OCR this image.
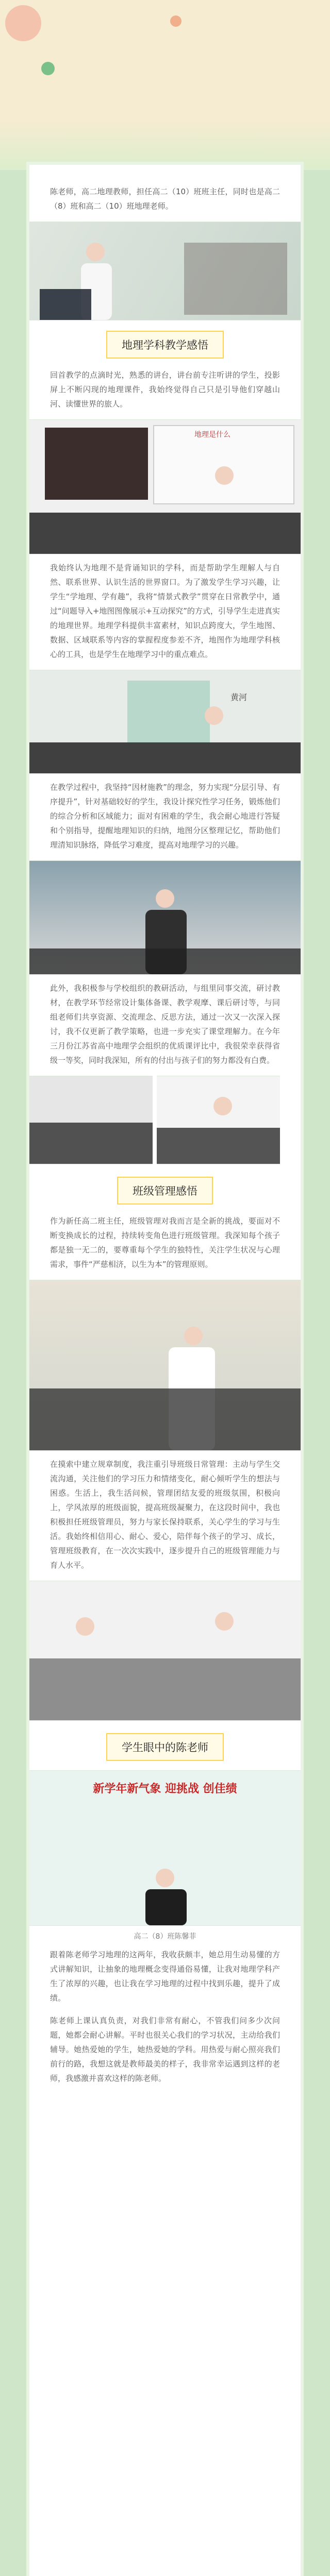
陈老师，高二地理教师，担任高二（10）班班主任，同时也是高二（8）班和高二（10）班地理老师。

地理学科教学感悟

回首教学的点滴时光，熟悉的讲台，讲台前专注听讲的学生，投影屏上不断闪现的地理课件，我始终觉得自己只是引导他们穿越山河、读懂世界的旅人。

地理是什么

我始终认为地理不是背诵知识的学科，而是帮助学生理解人与自然、联系世界、认识生活的世界窗口。为了激发学生学习兴趣，让学生“学地理、学有趣”，我将“情景式教学”贯穿在日常教学中，通过“问题导入+地图图像展示+互动探究”的方式，引导学生走进真实的地理世界。地理学科提供丰富素材，知识点跨度大，学生地图、数据、区域联系等内容的掌握程度参差不齐，地图作为地理学科核心的工具，也是学生在地理学习中的重点难点。

黄河

在教学过程中，我坚持“因材施教”的理念，努力实现“分层引导、有序提升”，针对基础较好的学生，我设计探究性学习任务，锻炼他们的综合分析和区域能力；面对有困难的学生，我会耐心地进行答疑和个别指导，提醒地理知识的归纳，地图分区整理记忆，帮助他们理清知识脉络，降低学习难度，提高对地理学习的兴趣。

此外，我积极参与学校组织的教研活动，与组里同事交流，研讨教材，在教学环节经常设计集体备课、教学观摩、课后研讨等，与同组老师们共享资源、交流理念、反思方法，通过一次又一次深入探讨，我不仅更新了教学策略，也进一步充实了课堂理解力。在今年三月份江苏省高中地理学会组织的优质课评比中，我很荣幸获得省级一等奖，同时我深知，所有的付出与孩子们的努力都没有白费。

班级管理感悟

作为新任高二班主任，班级管理对我而言是全新的挑战，要面对不断变换成长的过程，持续转变角色进行班级管理。我深知每个孩子都是独一无二的，要尊重每个学生的独特性，关注学生状况与心理需求，事件“严慈相济，以生为本”的管理原则。

在摸索中建立规章制度，我注重引导班级日常管理：主动与学生交流沟通，关注他们的学习压力和情绪变化，耐心倾听学生的想法与困惑。生活上，我生活问候，管理团结友爱的班级氛围，积极向上，学风浓厚的班级面貌，提高班级凝聚力，在这段时间中，我也积极担任班级管理员，努力与家长保持联系，关心学生的学习与生活。我始终相信用心、耐心、爱心，陪伴每个孩子的学习、成长，管理班级教育，在一次次实践中，逐步提升自己的班级管理能力与育人水平。

学生眼中的陈老师
新学年新气象 迎挑战 创佳绩

高二（8）班陈馨菲

跟着陈老师学习地理的这两年，我收获颇丰，她总用生动易懂的方式讲解知识，让抽象的地理概念变得通俗易懂，让我对地理学科产生了浓厚的兴趣，也让我在学习地理的过程中找到乐趣，提升了成绩。

陈老师上课认真负责，对我们非常有耐心，不管我们问多少次问题，她都会耐心讲解。平时也很关心我们的学习状况，主动给我们辅导。她热爱她的学生，她热爱她的学科。用热爱与耐心照亮我们前行的路，我想这就是教师最美的样子，我非常幸运遇到这样的老师，我感激并喜欢这样的陈老师。
